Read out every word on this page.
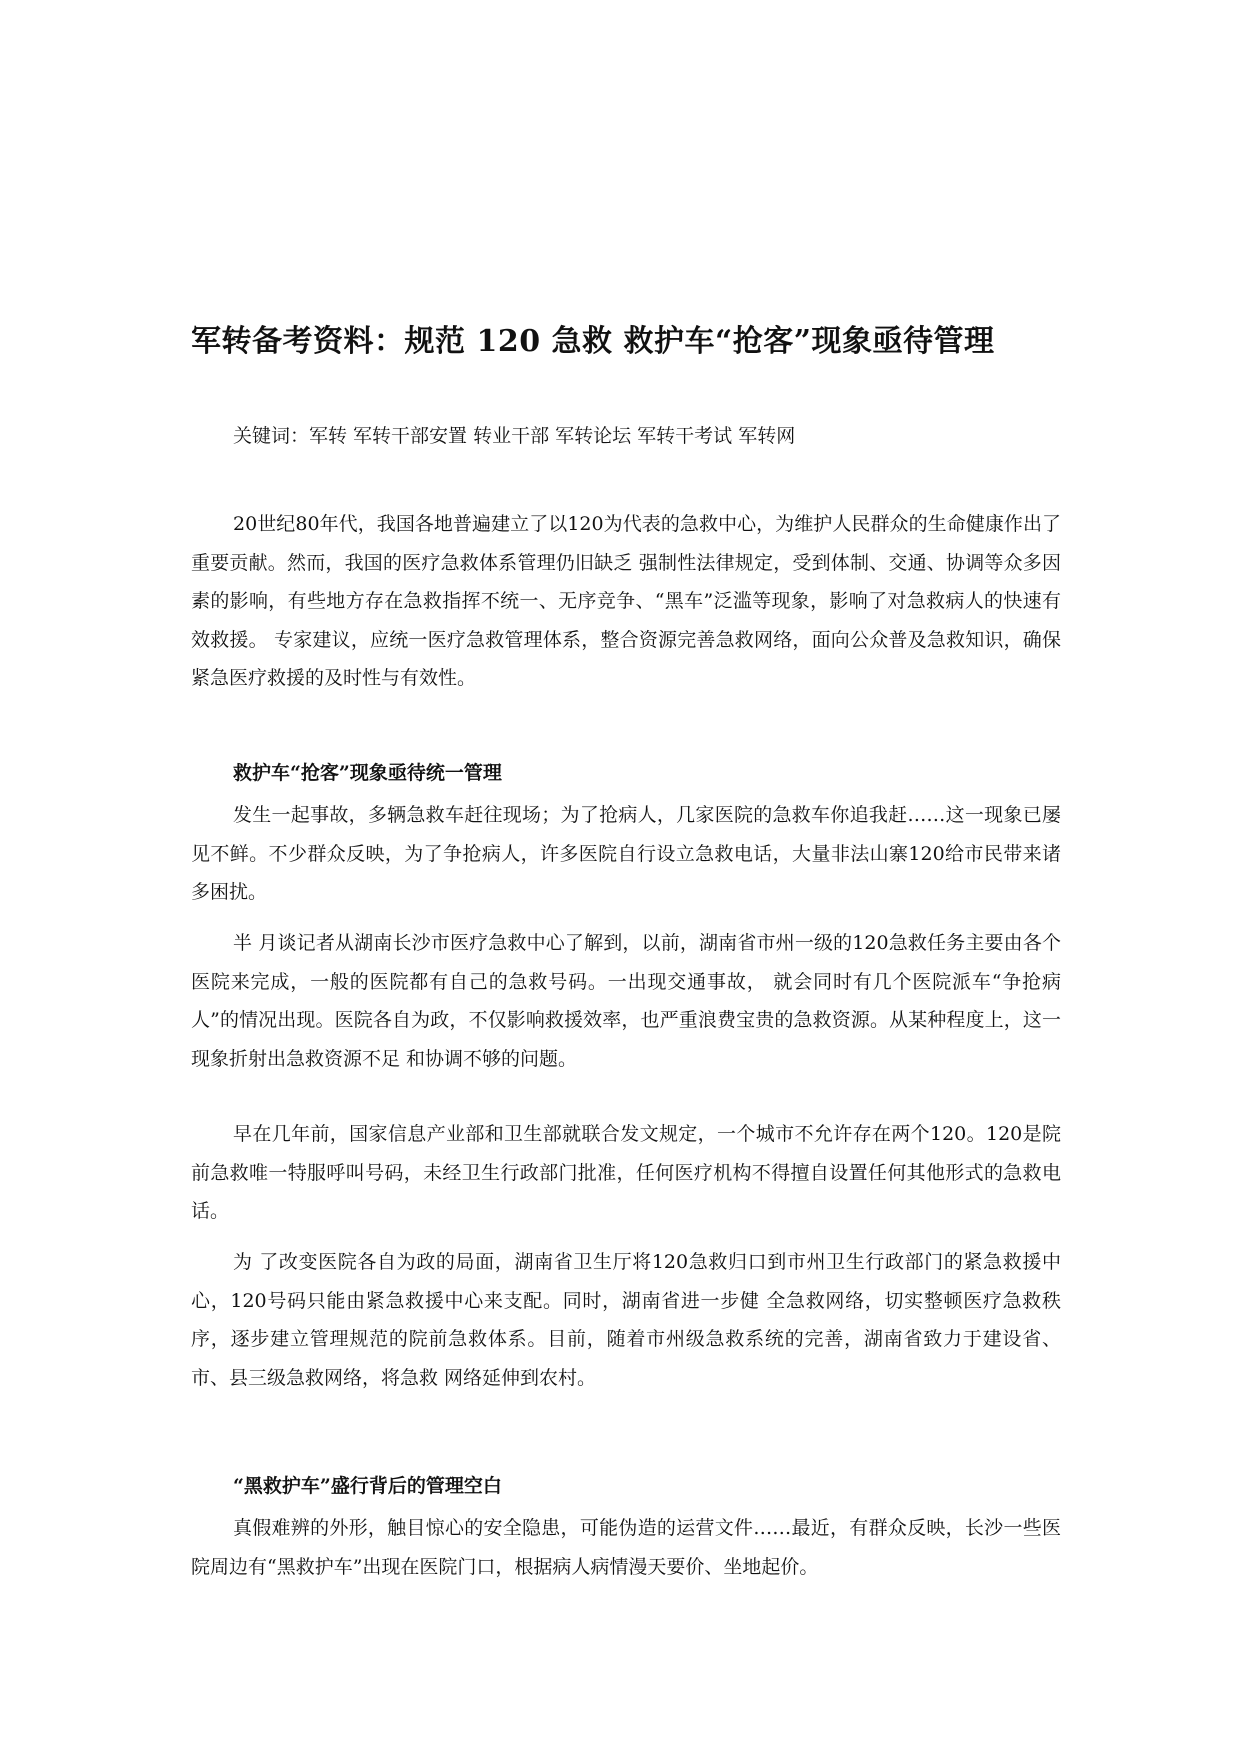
军转备考资料：规范 120 急救 救护车“抢客”现象亟待管理
关键词：军转 军转干部安置 转业干部 军转论坛 军转干考试 军转网

20世纪80年代，我国各地普遍建立了以120为代表的急救中心，为维护人民群众的生命健康作出了重要贡献。然而，我国的医疗急救体系管理仍旧缺乏 强制性法律规定，受到体制、交通、协调等众多因素的影响，有些地方存在急救指挥不统一、无序竞争、“黑车”泛滥等现象，影响了对急救病人的快速有效救援。 专家建议，应统一医疗急救管理体系，整合资源完善急救网络，面向公众普及急救知识，确保紧急医疗救援的及时性与有效性。

救护车“抢客”现象亟待统一管理

发生一起事故，多辆急救车赶往现场；为了抢病人，几家医院的急救车你追我赶……这一现象已屡见不鲜。不少群众反映，为了争抢病人，许多医院自行设立急救电话，大量非法山寨120给市民带来诸多困扰。

半 月谈记者从湖南长沙市医疗急救中心了解到，以前，湖南省市州一级的120急救任务主要由各个医院来完成，一般的医院都有自己的急救号码。一出现交通事故， 就会同时有几个医院派车“争抢病人”的情况出现。医院各自为政，不仅影响救援效率，也严重浪费宝贵的急救资源。从某种程度上，这一现象折射出急救资源不足 和协调不够的问题。

早在几年前，国家信息产业部和卫生部就联合发文规定，一个城市不允许存在两个120。120是院前急救唯一特服呼叫号码，未经卫生行政部门批准，任何医疗机构不得擅自设置任何其他形式的急救电话。

为 了改变医院各自为政的局面，湖南省卫生厅将120急救归口到市州卫生行政部门的紧急救援中心，120号码只能由紧急救援中心来支配。同时，湖南省进一步健 全急救网络，切实整顿医疗急救秩序，逐步建立管理规范的院前急救体系。目前，随着市州级急救系统的完善，湖南省致力于建设省、市、县三级急救网络，将急救 网络延伸到农村。

“黑救护车”盛行背后的管理空白

真假难辨的外形，触目惊心的安全隐患，可能伪造的运营文件……最近，有群众反映，长沙一些医院周边有“黑救护车”出现在医院门口，根据病人病情漫天要价、坐地起价。
